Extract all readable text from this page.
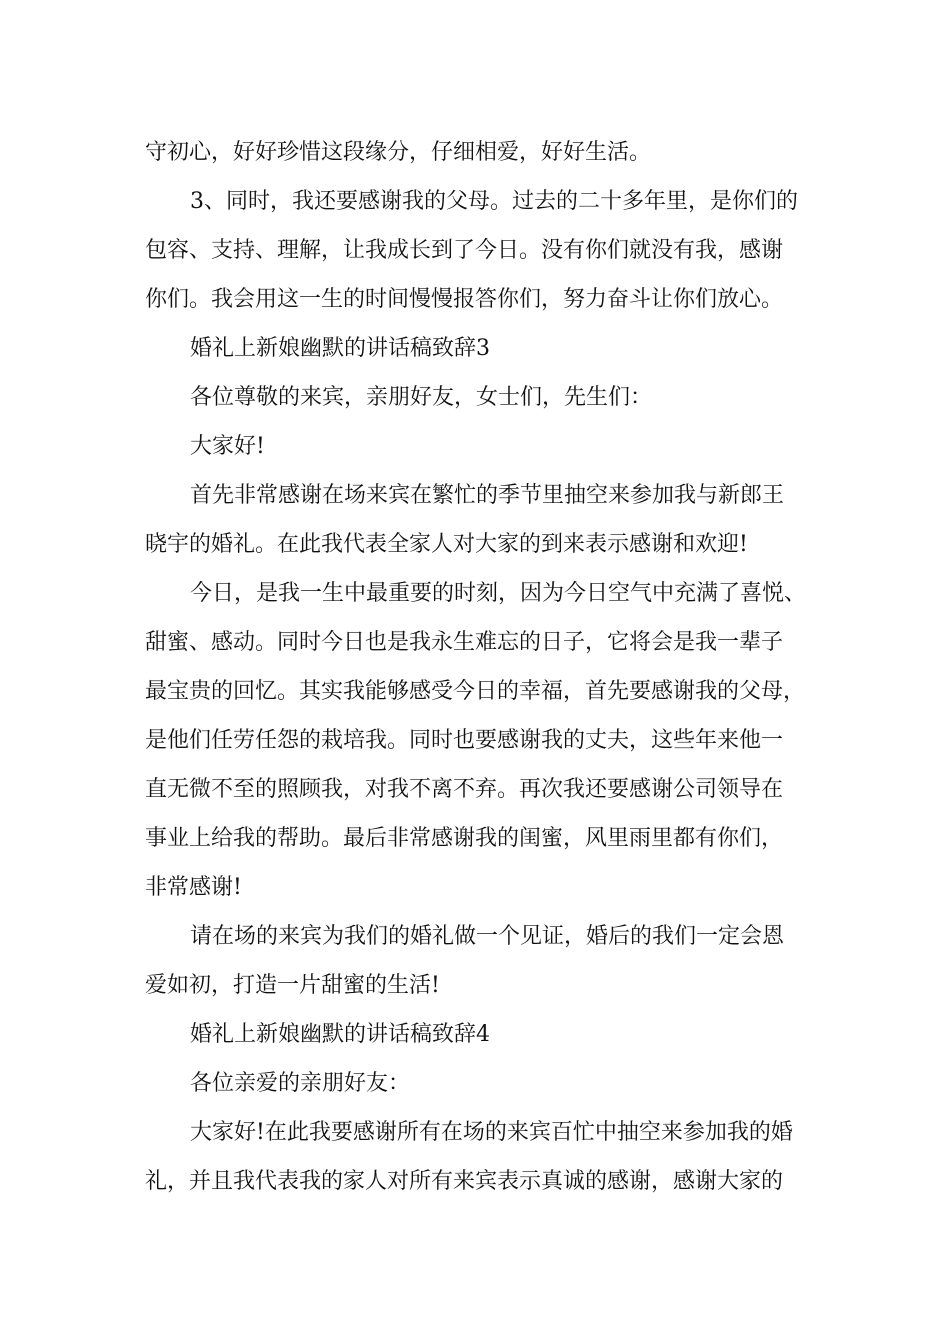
守初心，好好珍惜这段缘分，仔细相爱，好好生活。
3、同时，我还要感谢我的父母。过去的二十多年里，是你们的
包容、支持、理解，让我成长到了今日。没有你们就没有我，感谢
你们。我会用这一生的时间慢慢报答你们，努力奋斗让你们放心。
婚礼上新娘幽默的讲话稿致辞3
各位尊敬的来宾，亲朋好友，女士们，先生们：
大家好!
首先非常感谢在场来宾在繁忙的季节里抽空来参加我与新郎王
晓宇的婚礼。在此我代表全家人对大家的到来表示感谢和欢迎!
今日，是我一生中最重要的时刻，因为今日空气中充满了喜悦、
甜蜜、感动。同时今日也是我永生难忘的日子，它将会是我一辈子
最宝贵的回忆。其实我能够感受今日的幸福，首先要感谢我的父母，
是他们任劳任怨的栽培我。同时也要感谢我的丈夫，这些年来他一
直无微不至的照顾我，对我不离不弃。再次我还要感谢公司领导在
事业上给我的帮助。最后非常感谢我的闺蜜，风里雨里都有你们，
非常感谢!
请在场的来宾为我们的婚礼做一个见证，婚后的我们一定会恩
爱如初，打造一片甜蜜的生活!
婚礼上新娘幽默的讲话稿致辞4
各位亲爱的亲朋好友：
大家好!在此我要感谢所有在场的来宾百忙中抽空来参加我的婚
礼，并且我代表我的家人对所有来宾表示真诚的感谢，感谢大家的
